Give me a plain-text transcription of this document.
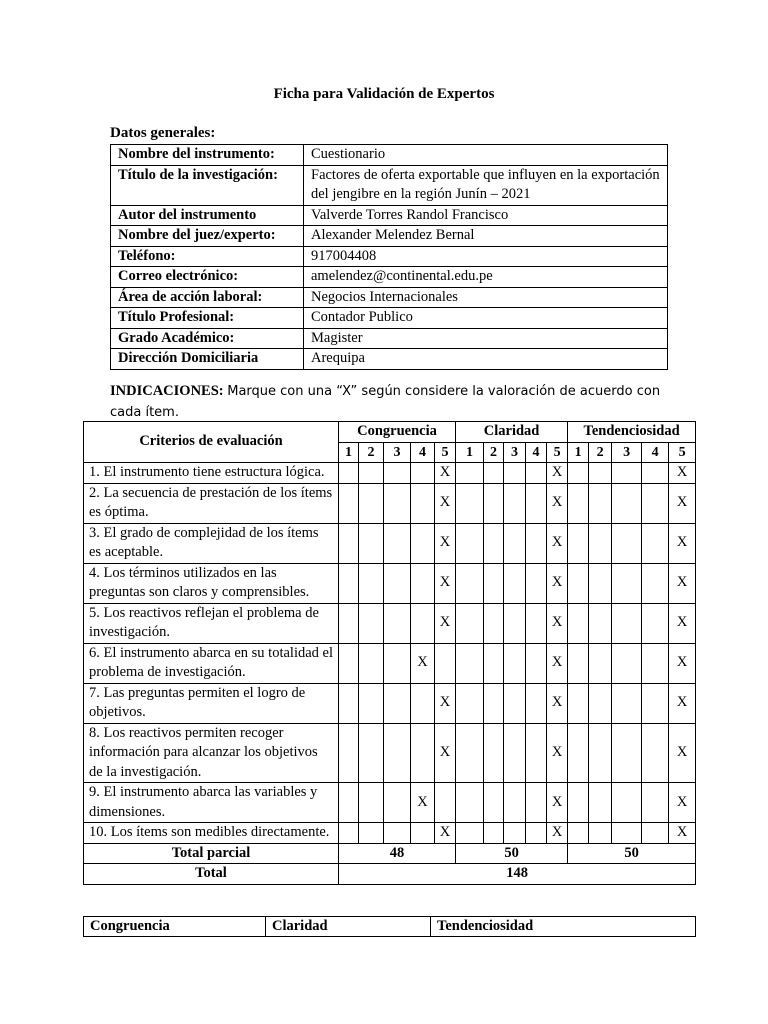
Ficha para Validación de Expertos
Datos generales:
Nombre del instrumento:	Cuestionario
Título de la investigación:	Factores de oferta exportable que influyen en la exportación del jengibre en la región Junín – 2021
Autor del instrumento	Valverde Torres Randol Francisco
Nombre del juez/experto:	Alexander Melendez Bernal
Teléfono:	917004408
Correo electrónico:	amelendez@continental.edu.pe
Área de acción laboral:	Negocios Internacionales
Título Profesional:	Contador Publico
Grado Académico:	Magister
Dirección Domiciliaria	Arequipa
INDICACIONES: Marque con una “X” según considere la valoración de acuerdo con cada ítem.
Criterios de evaluación	Congruencia					Claridad					Tendenciosidad				
	1	2	3	4	5	1	2	3	4	5	1	2	3	4	5
1. El instrumento tiene estructura lógica.					X					X					X
2. La secuencia de prestación de los ítems es óptima.					X					X					X
3. El grado de complejidad de los ítems es aceptable.					X					X					X
4. Los términos utilizados en las preguntas son claros y comprensibles.					X					X					X
5. Los reactivos reflejan el problema de investigación.					X					X					X
6. El instrumento abarca en su totalidad el problema de investigación.				X						X					X
7. Las preguntas permiten el logro de objetivos.					X					X					X
8. Los reactivos permiten recoger información para alcanzar los objetivos de la investigación.					X					X					X
9. El instrumento abarca las variables y dimensiones.				X						X					X
10. Los ítems son medibles directamente.					X					X					X
Total parcial	48					50					50				
Total	148														
Congruencia	Claridad	Tendenciosidad
